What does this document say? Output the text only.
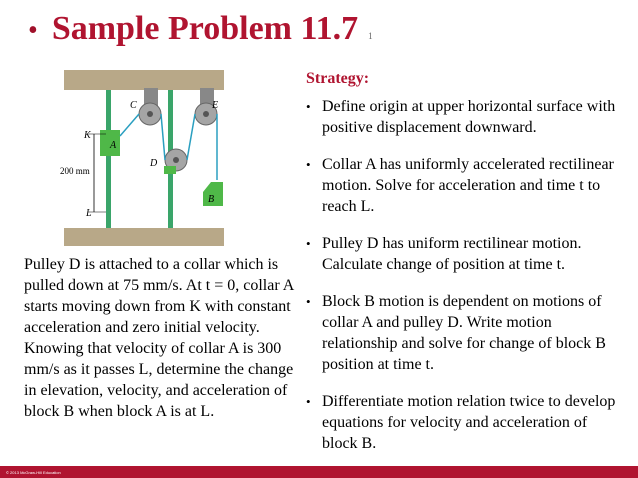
• Sample Problem 11.7 1
C	E
K
A
D
B
L
200 mm
Strategy:
• Define origin at upper horizontal surface with positive displacement downward.
• Collar A has uniformly accelerated rectilinear motion. Solve for acceleration and time t to reach L.
• Pulley D has uniform rectilinear motion. Calculate change of position at time t.
• Block B motion is dependent on motions of collar A and pulley D. Write motion relationship and solve for change of block B position at time t.
• Differentiate motion relation twice to develop equations for velocity and acceleration of block B.
Pulley D is attached to a collar which is pulled down at 75 mm/s. At t = 0, collar A starts moving down from K with constant acceleration and zero initial velocity. Knowing that velocity of collar A is 300 mm/s as it passes L, determine the change in elevation, velocity, and acceleration of block B when block A is at L.
© 2013 McGraw-Hill Education
